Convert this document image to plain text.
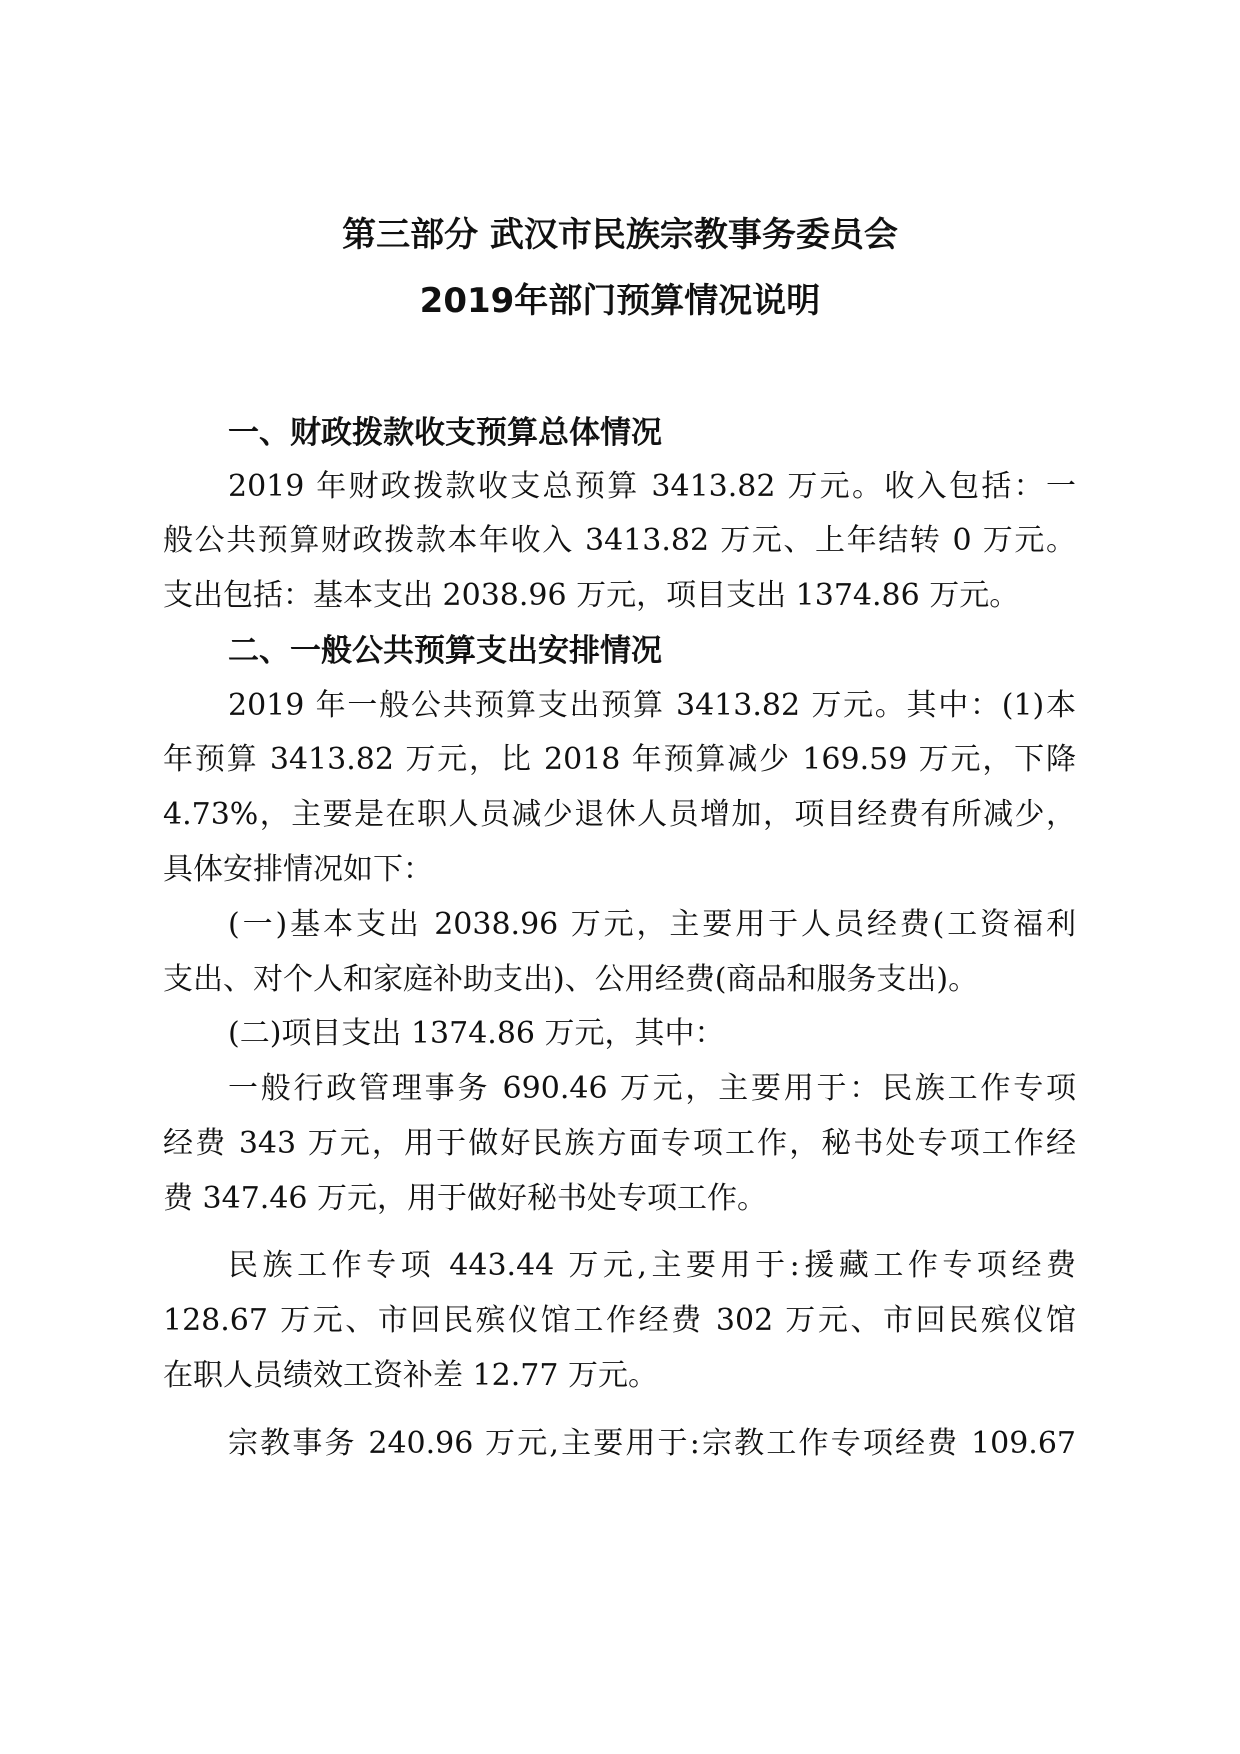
第三部分 武汉市民族宗教事务委员会
2019年部门预算情况说明
一、财政拨款收支预算总体情况
2019 年财政拨款收支总预算 3413.82 万元。收入包括：一
般公共预算财政拨款本年收入 3413.82 万元、上年结转 0 万元。
支出包括：基本支出 2038.96 万元，项目支出 1374.86 万元。
二、一般公共预算支出安排情况
2019 年一般公共预算支出预算 3413.82 万元。其中：(1)本
年预算 3413.82 万元，比 2018 年预算减少 169.59 万元，下降
4.73%，主要是在职人员减少退休人员增加，项目经费有所减少，
具体安排情况如下：
(一)基本支出 2038.96 万元，主要用于人员经费(工资福利
支出、对个人和家庭补助支出)、公用经费(商品和服务支出)。
(二)项目支出 1374.86 万元，其中：
一般行政管理事务 690.46 万元，主要用于：民族工作专项
经费 343 万元，用于做好民族方面专项工作，秘书处专项工作经
费 347.46 万元，用于做好秘书处专项工作。
民族工作专项 443.44 万元,主要用于:援藏工作专项经费
128.67 万元、市回民殡仪馆工作经费 302 万元、市回民殡仪馆
在职人员绩效工资补差 12.77 万元。
宗教事务 240.96 万元,主要用于:宗教工作专项经费 109.67
